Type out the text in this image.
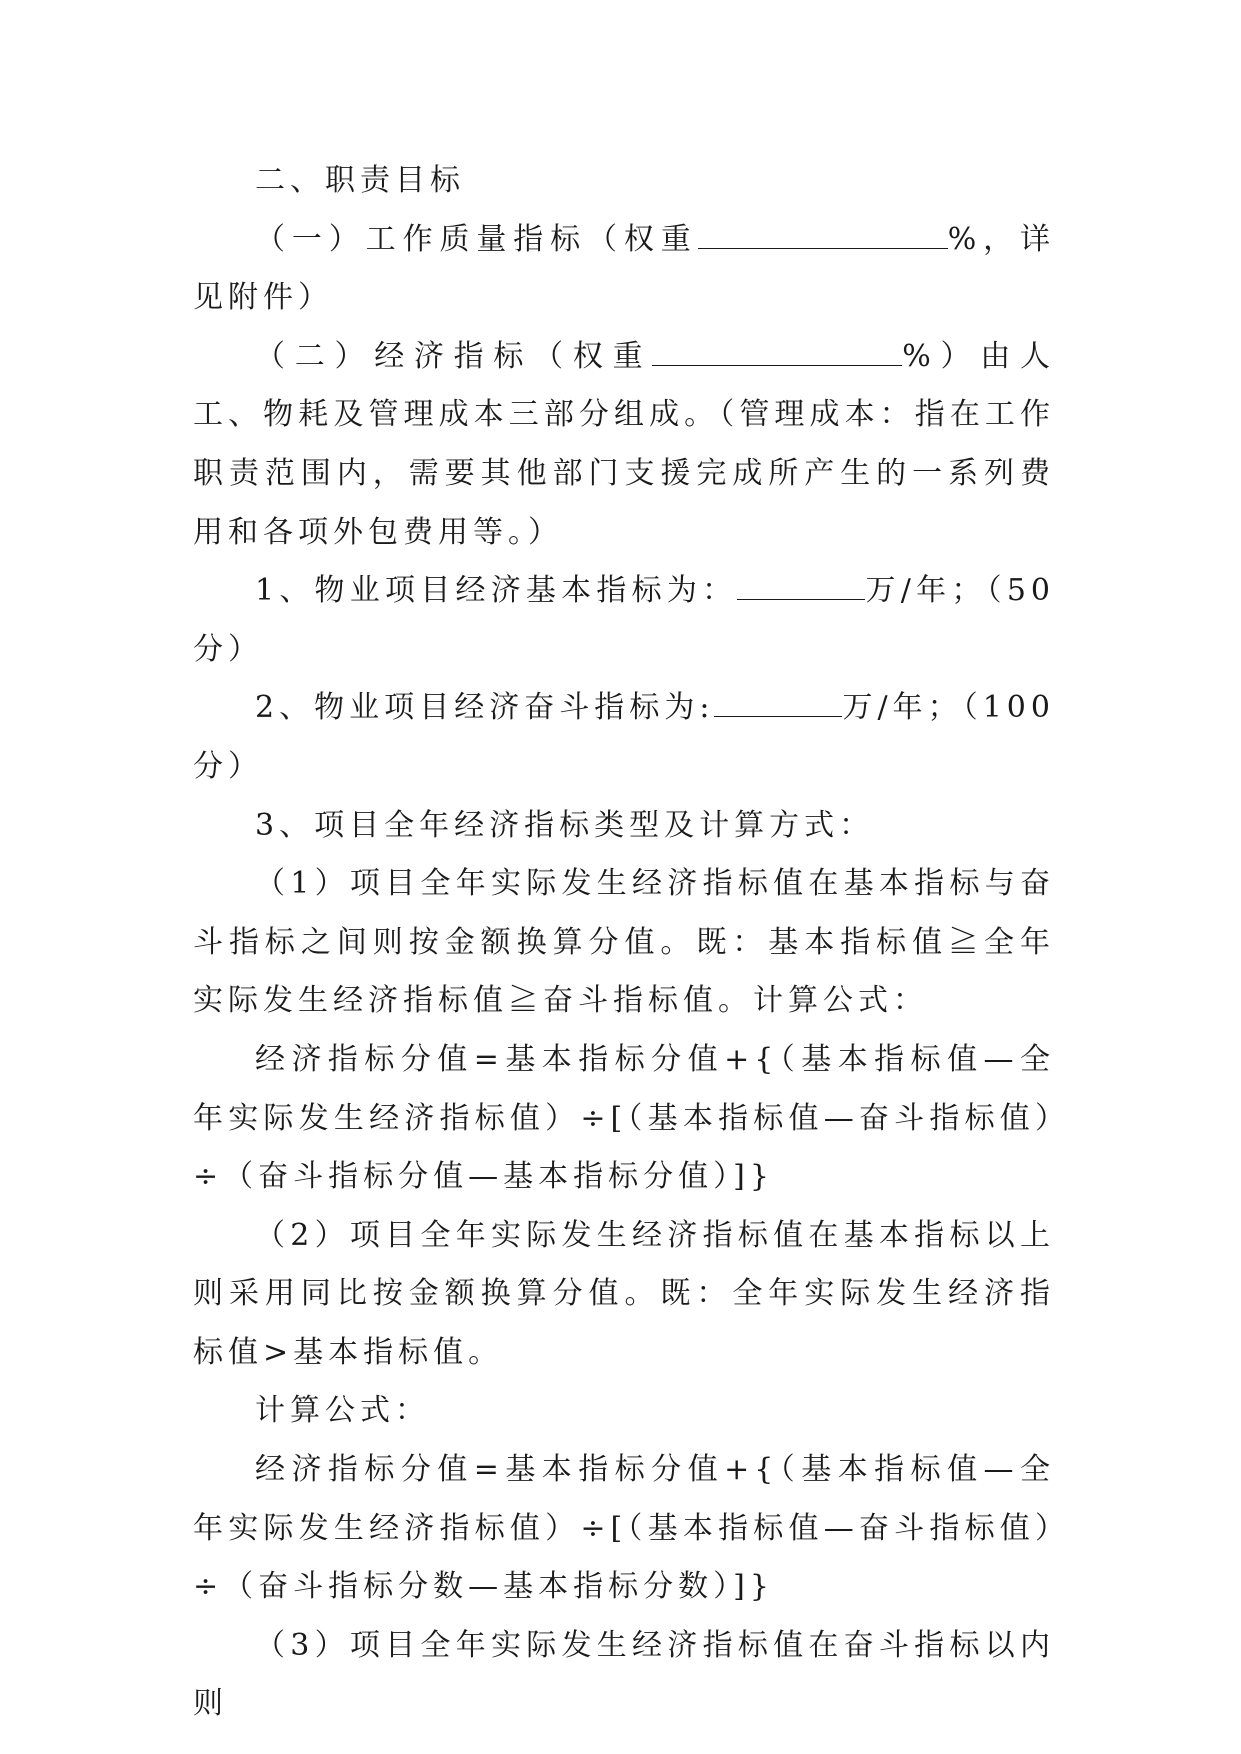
二、职责目标

（一）工作质量指标（权重	%，详见附件）

（二）经济指标（权重	%）由人工、物耗及管理成本三部分组成。（管理成本：指在工作职责范围内，需要其他部门支援完成所产生的一系列费用和各项外包费用等。）

1、物业项目经济基本指标为：	万/年；（50分）

2、物业项目经济奋斗指标为:	万/年；（100分）

3、项目全年经济指标类型及计算方式：

（1）项目全年实际发生经济指标值在基本指标与奋斗指标之间则按金额换算分值。既：基本指标值≧全年实际发生经济指标值≧奋斗指标值。计算公式：

经济指标分值=基本指标分值+{（基本指标值—全年实际发生经济指标值）÷[（基本指标值—奋斗指标值）÷（奋斗指标分值—基本指标分值）]}

（2）项目全年实际发生经济指标值在基本指标以上则采用同比按金额换算分值。既：全年实际发生经济指标值>基本指标值。

计算公式：

经济指标分值=基本指标分值+{（基本指标值—全年实际发生经济指标值）÷[（基本指标值—奋斗指标值）÷（奋斗指标分数—基本指标分数）]}

（3）项目全年实际发生经济指标值在奋斗指标以内则
